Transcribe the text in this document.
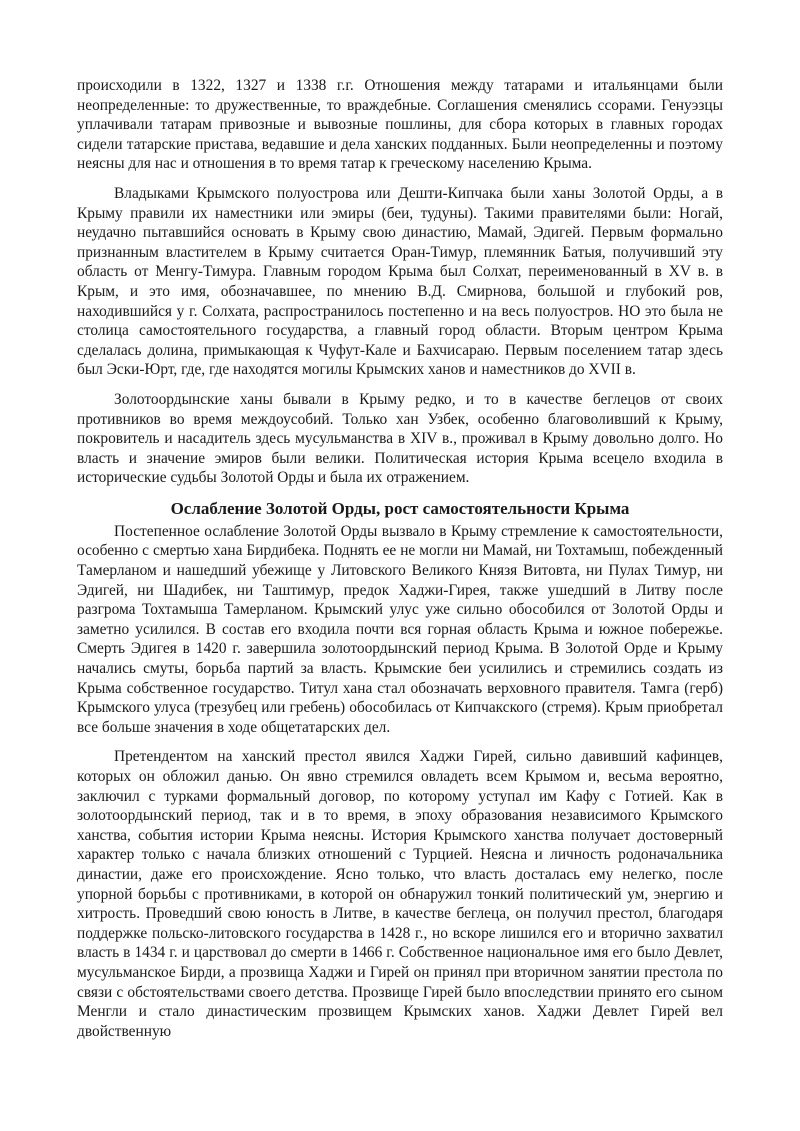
происходили в 1322, 1327 и 1338 г.г. Отношения между татарами и итальянцами были неопределенные: то дружественные, то враждебные. Соглашения сменялись ссорами. Генуэзцы уплачивали татарам привозные и вывозные пошлины, для сбора которых в главных городах сидели татарские пристава, ведавшие и дела ханских подданных. Были неопределенны и поэтому неясны для нас и отношения в то время татар к греческому населению Крыма.

Владыками Крымского полуострова или Дешти-Кипчака были ханы Золотой Орды, а в Крыму правили их наместники или эмиры (беи, тудуны). Такими правителями были: Ногай, неудачно пытавшийся основать в Крыму свою династию, Мамай, Эдигей. Первым формально признанным властителем в Крыму считается Оран-Тимур, племянник Батыя, получивший эту область от Менгу-Тимура. Главным городом Крыма был Солхат, переименованный в XV в. в Крым, и это имя, обозначавшее, по мнению В.Д. Смирнова, большой и глубокий ров, находившийся у г. Солхата, распространилось постепенно и на весь полуостров. НО это была не столица самостоятельного государства, а главный город области. Вторым центром Крыма сделалась долина, примыкающая к Чуфут-Кале и Бахчисараю. Первым поселением татар здесь был Эски-Юрт, где, где находятся могилы Крымских ханов и наместников до XVII в.

Золотоордынские ханы бывали в Крыму редко, и то в качестве беглецов от своих противников во время междоусобий. Только хан Узбек, особенно благоволивший к Крыму, покровитель и насадитель здесь мусульманства в XIV в., проживал в Крыму довольно долго. Но власть и значение эмиров были велики. Политическая история Крыма всецело входила в исторические судьбы Золотой Орды и была их отражением.

Ослабление Золотой Орды, рост самостоятельности Крыма

Постепенное ослабление Золотой Орды вызвало в Крыму стремление к самостоятельности, особенно с смертью хана Бирдибека. Поднять ее не могли ни Мамай, ни Тохтамыш, побежденный Тамерланом и нашедший убежище у Литовского Великого Князя Витовта, ни Пулах Тимур, ни Эдигей, ни Шадибек, ни Таштимур, предок Хаджи-Гирея, также ушедший в Литву после разгрома Тохтамыша Тамерланом. Крымский улус уже сильно обособился от Золотой Орды и заметно усилился. В состав его входила почти вся горная область Крыма и южное побережье. Смерть Эдигея в 1420 г. завершила золотоордынский период Крыма. В Золотой Орде и Крыму начались смуты, борьба партий за власть. Крымские беи усилились и стремились создать из Крыма собственное государство. Титул хана стал обозначать верховного правителя. Тамга (герб) Крымского улуса (трезубец или гребень) обособилась от Кипчакского (стремя). Крым приобретал все больше значения в ходе общетатарских дел.

Претендентом на ханский престол явился Хаджи Гирей, сильно давивший кафинцев, которых он обложил данью. Он явно стремился овладеть всем Крымом и, весьма вероятно, заключил с турками формальный договор, по которому уступал им Кафу с Готией. Как в золотоордынский период, так и в то время, в эпоху образования независимого Крымского ханства, события истории Крыма неясны. История Крымского ханства получает достоверный характер только с начала близких отношений с Турцией. Неясна и личность родоначальника династии, даже его происхождение. Ясно только, что власть досталась ему нелегко, после упорной борьбы с противниками, в которой он обнаружил тонкий политический ум, энергию и хитрость. Проведший свою юность в Литве, в качестве беглеца, он получил престол, благодаря поддержке польско-литовского государства в 1428 г., но вскоре лишился его и вторично захватил власть в 1434 г. и царствовал до смерти в 1466 г. Собственное национальное имя его было Девлет, мусульманское Бирди, а прозвища Хаджи и Гирей он принял при вторичном занятии престола по связи с обстоятельствами своего детства. Прозвище Гирей было впоследствии принято его сыном Менгли и стало династическим прозвищем Крымских ханов. Хаджи Девлет Гирей вел двойственную
